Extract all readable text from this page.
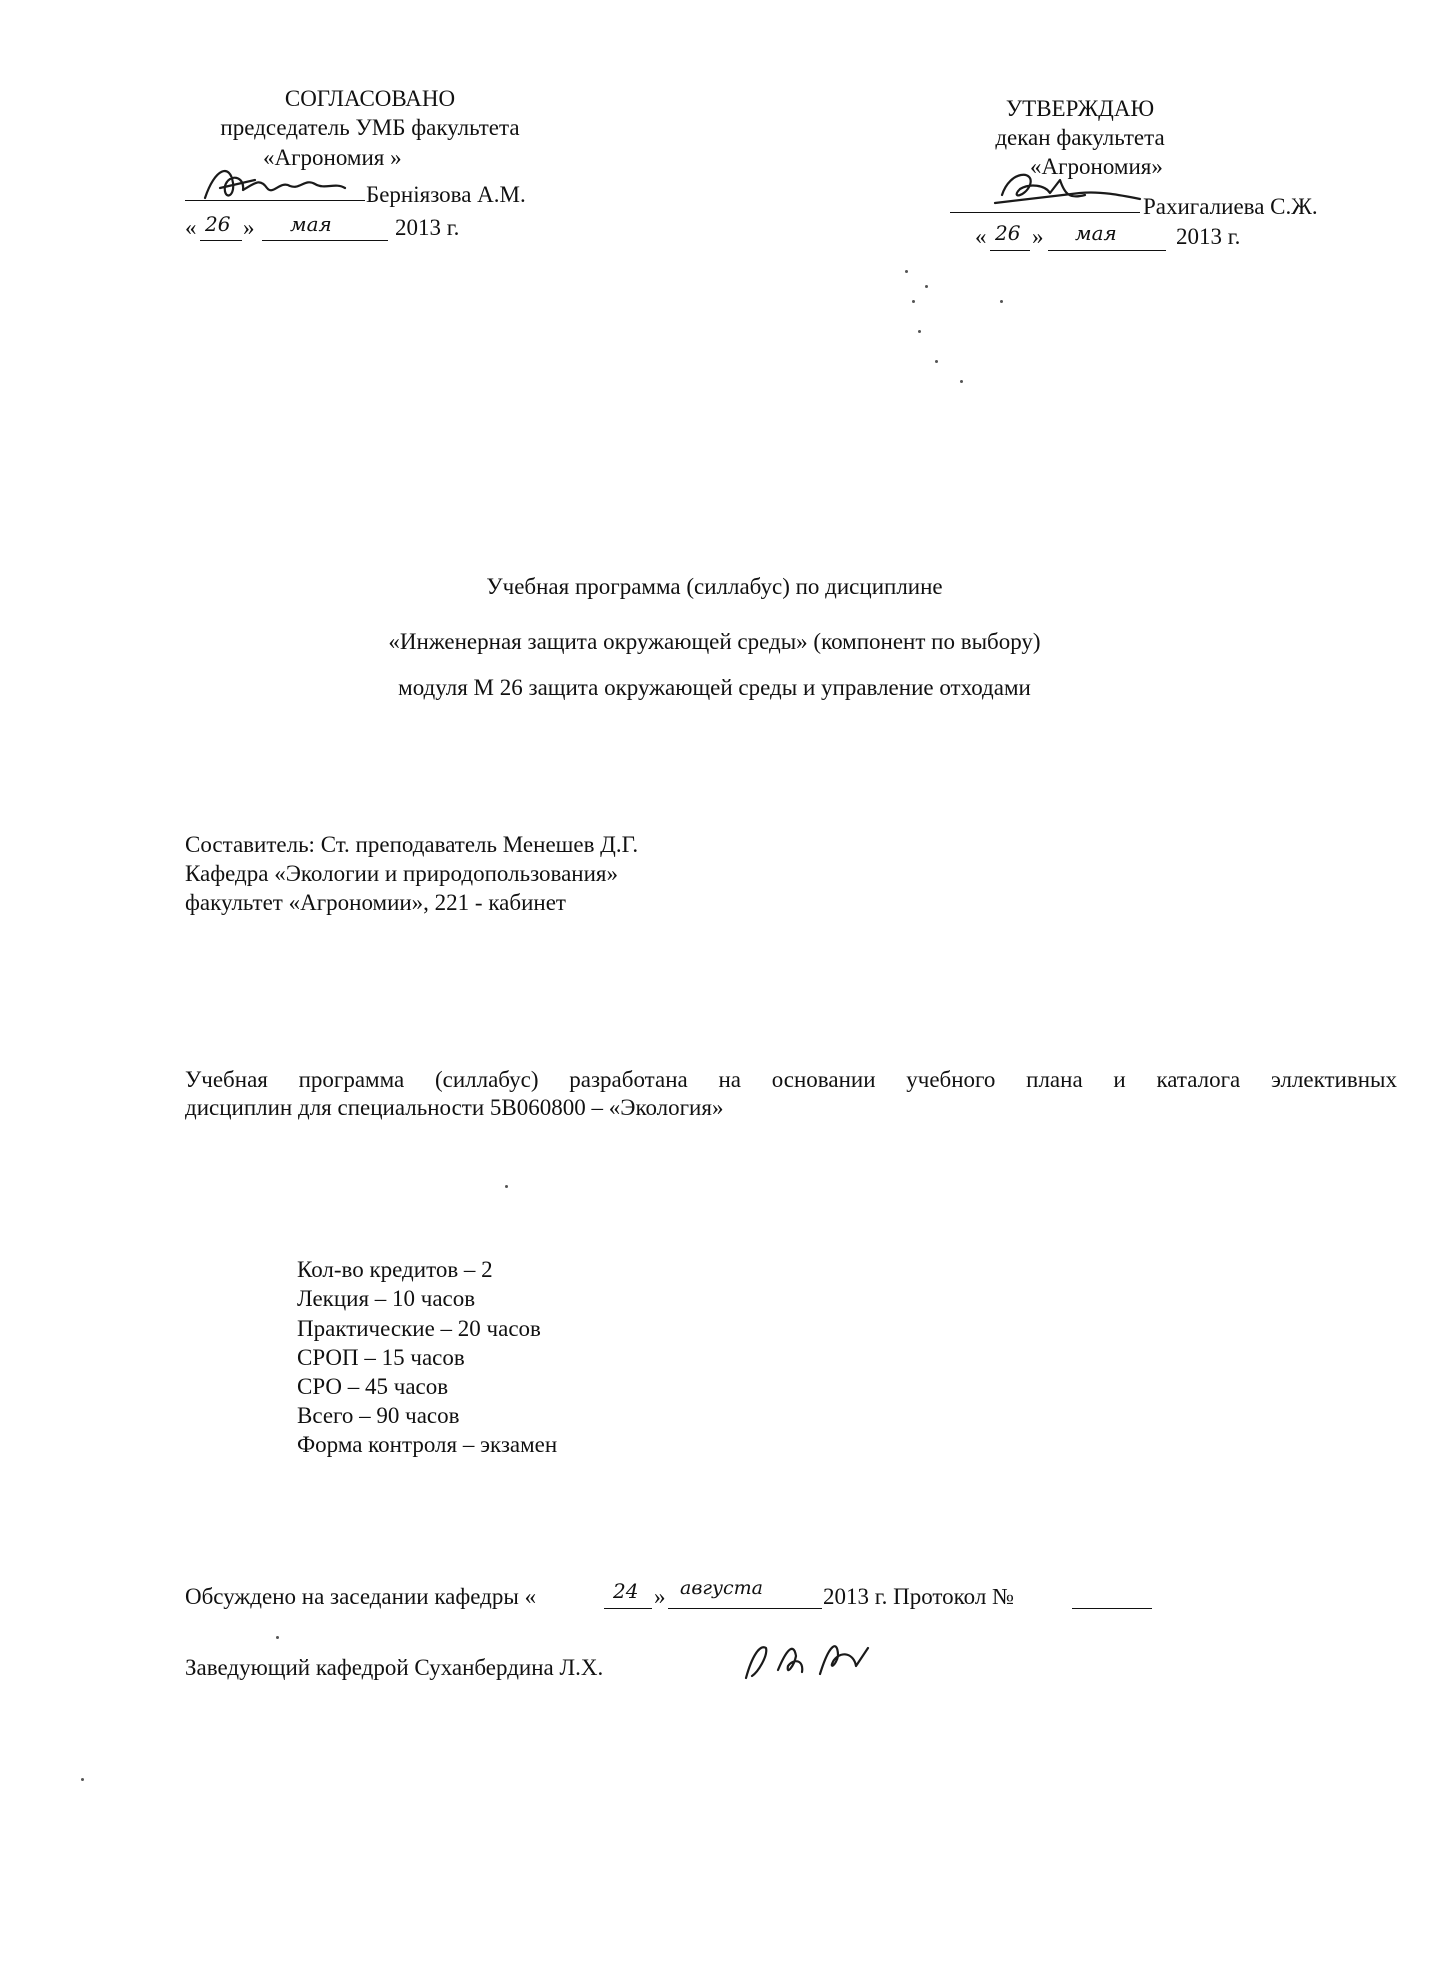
СОГЛАСОВАНО
председатель УМБ факультета
«Агрономия »
Бернiязова А.М.
« 26 » мая	2013 г.
УТВЕРЖДАЮ
декан факультета
«Агрономия»
Рахигалиева С.Ж.
« 26 » мая	2013 г.
Учебная программа (силлабус) по дисциплине
«Инженерная защита окружающей среды» (компонент по выбору)
модуля М 26 защита окружающей среды и управление отходами
Составитель: Ст. преподаватель Менешев Д.Г.
Кафедра «Экологии и природопользования»
факультет «Агрономии», 221 - кабинет
Учебная программа (силлабус) разработана на основании учебного плана и каталога эллективных
дисциплин для специальности 5В060800 – «Экология»
Кол-во кредитов – 2
Лекция – 10 часов
Практические – 20 часов
СРОП – 15 часов
СРО – 45 часов
Всего – 90 часов
Форма контроля – экзамен
Обсуждено на заседании кафедры «	24 » августа	2013 г. Протокол №
Заведующий кафедрой Суханбердина Л.Х.
